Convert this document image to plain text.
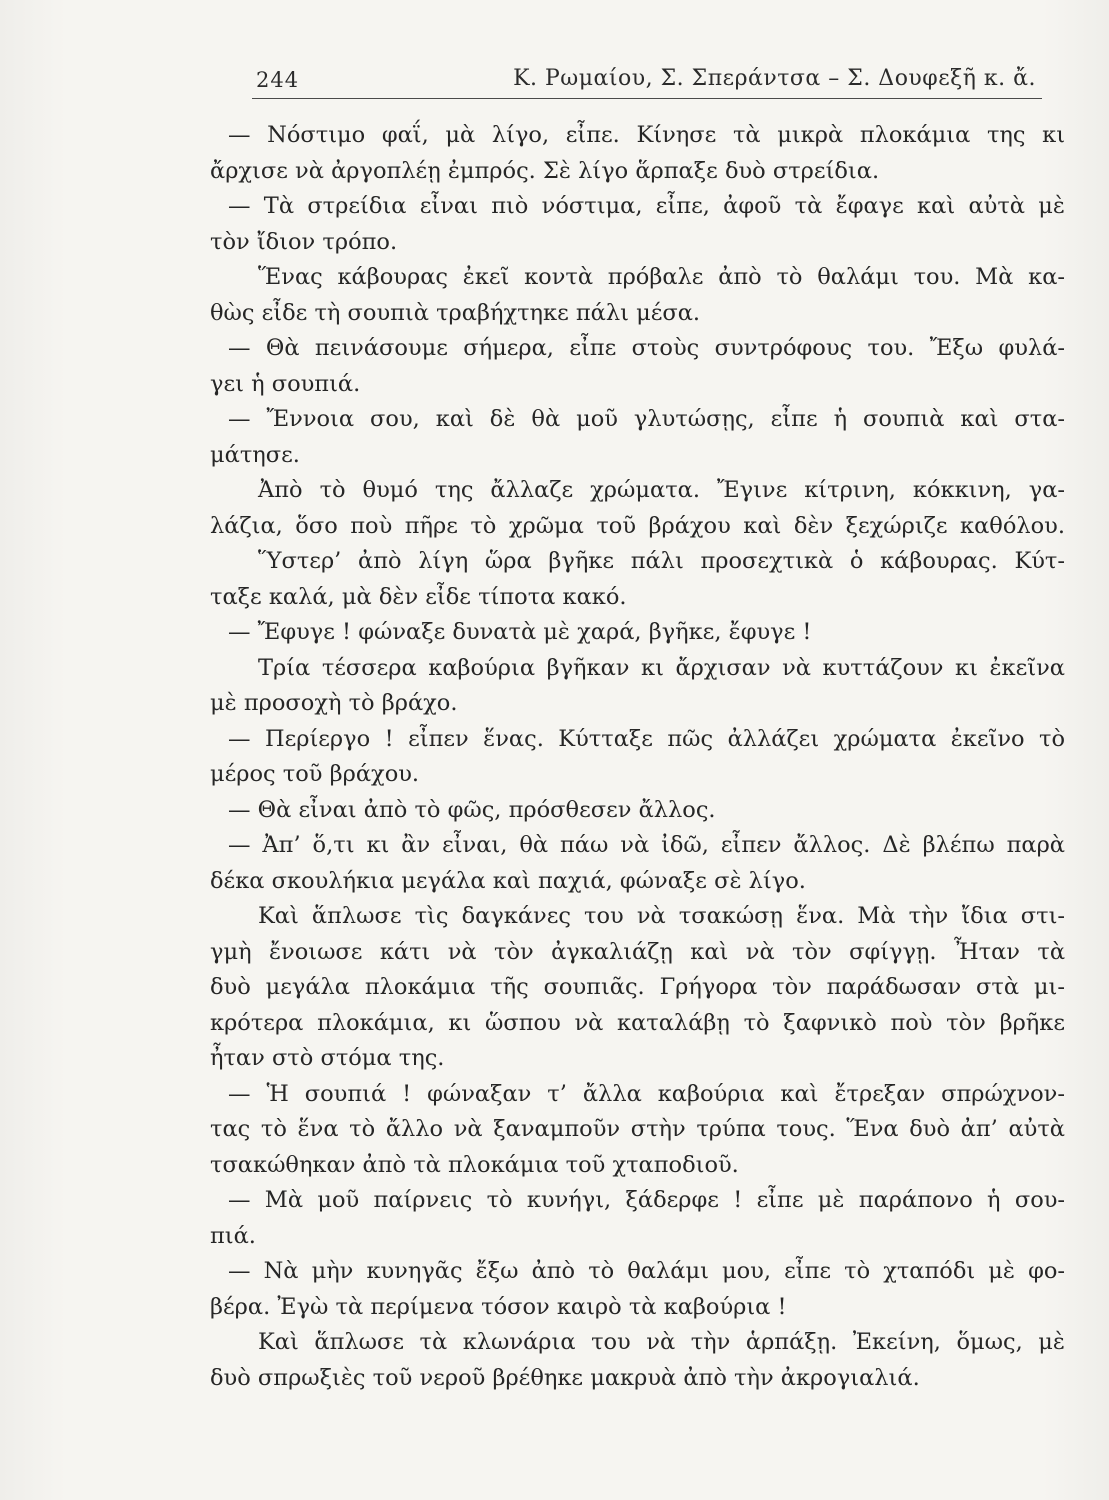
244	Κ. Ρωμαίου, Σ. Σπεράντσα – Σ. Δουφεξῆ κ. ἄ.
— Νόστιμο φαΐ, μὰ λίγο, εἶπε. Κίνησε τὰ μικρὰ πλοκάμια της κι
ἄρχισε νὰ ἀργοπλέῃ ἐμπρός. Σὲ λίγο ἅρπαξε δυὸ στρείδια.
— Τὰ στρείδια εἶναι πιὸ νόστιμα, εἶπε, ἀφοῦ τὰ ἔφαγε καὶ αὐτὰ μὲ
τὸν ἴδιον τρόπο.
Ἕνας κάβουρας ἐκεῖ κοντὰ πρόβαλε ἀπὸ τὸ θαλάμι του. Μὰ κα-
θὼς εἶδε τὴ σουπιὰ τραβήχτηκε πάλι μέσα.
— Θὰ πεινάσουμε σήμερα, εἶπε στοὺς συντρόφους του. Ἔξω φυλά-
γει ἡ σουπιά.
— Ἔννοια σου, καὶ δὲ θὰ μοῦ γλυτώσῃς, εἶπε ἡ σουπιὰ καὶ στα-
μάτησε.
Ἀπὸ τὸ θυμό της ἄλλαζε χρώματα. Ἔγινε κίτρινη, κόκκινη, γα-
λάζια, ὅσο ποὺ πῆρε τὸ χρῶμα τοῦ βράχου καὶ δὲν ξεχώριζε καθόλου.
Ὕστερ’ ἀπὸ λίγη ὥρα βγῆκε πάλι προσεχτικὰ ὁ κάβουρας. Κύτ-
ταξε καλά, μὰ δὲν εἶδε τίποτα κακό.
— Ἔφυγε ! φώναξε δυνατὰ μὲ χαρά, βγῆκε, ἔφυγε !
Τρία τέσσερα καβούρια βγῆκαν κι ἄρχισαν νὰ κυττάζουν κι ἐκεῖνα
μὲ προσοχὴ τὸ βράχο.
— Περίεργο ! εἶπεν ἕνας. Κύτταξε πῶς ἀλλάζει χρώματα ἐκεῖνο τὸ
μέρος τοῦ βράχου.
— Θὰ εἶναι ἀπὸ τὸ φῶς, πρόσθεσεν ἄλλος.
— Ἀπ’ ὅ,τι κι ἂν εἶναι, θὰ πάω νὰ ἰδῶ, εἶπεν ἄλλος. Δὲ βλέπω παρὰ
δέκα σκουλήκια μεγάλα καὶ παχιά, φώναξε σὲ λίγο.
Καὶ ἅπλωσε τὶς δαγκάνες του νὰ τσακώσῃ ἕνα. Μὰ τὴν ἴδια στι-
γμὴ ἔνοιωσε κάτι νὰ τὸν ἀγκαλιάζῃ καὶ νὰ τὸν σφίγγῃ. Ἦταν τὰ
δυὸ μεγάλα πλοκάμια τῆς σουπιᾶς. Γρήγορα τὸν παράδωσαν στὰ μι-
κρότερα πλοκάμια, κι ὥσπου νὰ καταλάβῃ τὸ ξαφνικὸ ποὺ τὸν βρῆκε
ἦταν στὸ στόμα της.
— Ἡ σουπιά ! φώναξαν τ’ ἄλλα καβούρια καὶ ἔτρεξαν σπρώχνον-
τας τὸ ἕνα τὸ ἄλλο νὰ ξαναμποῦν στὴν τρύπα τους. Ἕνα δυὸ ἀπ’ αὐτὰ
τσακώθηκαν ἀπὸ τὰ πλοκάμια τοῦ χταποδιοῦ.
— Μὰ μοῦ παίρνεις τὸ κυνήγι, ξάδερφε ! εἶπε μὲ παράπονο ἡ σου-
πιά.
— Νὰ μὴν κυνηγᾶς ἔξω ἀπὸ τὸ θαλάμι μου, εἶπε τὸ χταπόδι μὲ φο-
βέρα. Ἐγὼ τὰ περίμενα τόσον καιρὸ τὰ καβούρια !
Καὶ ἅπλωσε τὰ κλωνάρια του νὰ τὴν ἁρπάξῃ. Ἐκείνη, ὅμως, μὲ
δυὸ σπρωξιὲς τοῦ νεροῦ βρέθηκε μακρυὰ ἀπὸ τὴν ἀκρογιαλιά.
